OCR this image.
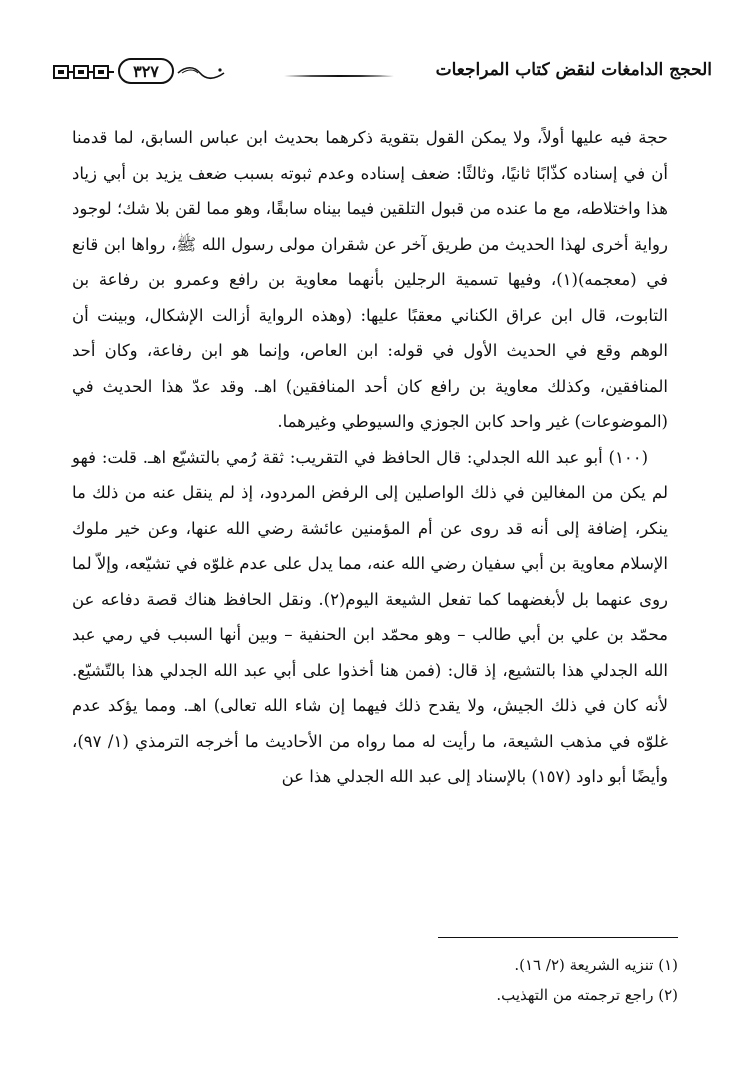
الحجج الدامغات لنقض كتاب المراجعات
٣٢٧

حجة فيه عليها أولاً، ولا يمكن القول بتقوية ذكرهما بحديث ابن عباس السابق، لما قدمنا أن في إسناده كذّابًا ثانيًا، وثالثًا: ضعف إسناده وعدم ثبوته بسبب ضعف يزيد بن أبي زياد هذا واختلاطه، مع ما عنده من قبول التلقين فيما بيناه سابقًا، وهو مما لقن بلا شك؛ لوجود رواية أخرى لهذا الحديث من طريق آخر عن شقران مولى رسول الله ﷺ، رواها ابن قانع في (معجمه)(١)، وفيها تسمية الرجلين بأنهما معاوية بن رافع وعمرو بن رفاعة بن التابوت، قال ابن عراق الكناني معقبًا عليها: (وهذه الرواية أزالت الإشكال، وبينت أن الوهم وقع في الحديث الأول في قوله: ابن العاص، وإنما هو ابن رفاعة، وكان أحد المنافقين، وكذلك معاوية بن رافع كان أحد المنافقين) اهـ. وقد عدّ هذا الحديث في (الموضوعات) غير واحد كابن الجوزي والسيوطي وغيرهما.

(١٠٠) أبو عبد الله الجدلي: قال الحافظ في التقريب: ثقة رُمي بالتشيّع اهـ. قلت: فهو لم يكن من المغالين في ذلك الواصلين إلى الرفض المردود، إذ لم ينقل عنه من ذلك ما ينكر، إضافة إلى أنه قد روى عن أم المؤمنين عائشة رضي الله عنها، وعن خير ملوك الإسلام معاوية بن أبي سفيان رضي الله عنه، مما يدل على عدم غلوّه في تشيّعه، وإلاّ لما روى عنهما بل لأبغضهما كما تفعل الشيعة اليوم(٢). ونقل الحافظ هناك قصة دفاعه عن محمّد بن علي بن أبي طالب – وهو محمّد ابن الحنفية – وبين أنها السبب في رمي عبد الله الجدلي هذا بالتشيع، إذ قال: (فمن هنا أخذوا على أبي عبد الله الجدلي هذا بالتّشيّع. لأنه كان في ذلك الجيش، ولا يقدح ذلك فيهما إن شاء الله تعالى) اهـ. ومما يؤكد عدم غلوّه في مذهب الشيعة، ما رأيت له مما رواه من الأحاديث ما أخرجه الترمذي (١/ ٩٧)، وأيضًا أبو داود (١٥٧) بالإسناد إلى عبد الله الجدلي هذا عن

(١) تنزيه الشريعة (٢/ ١٦).
(٢) راجع ترجمته من التهذيب.
